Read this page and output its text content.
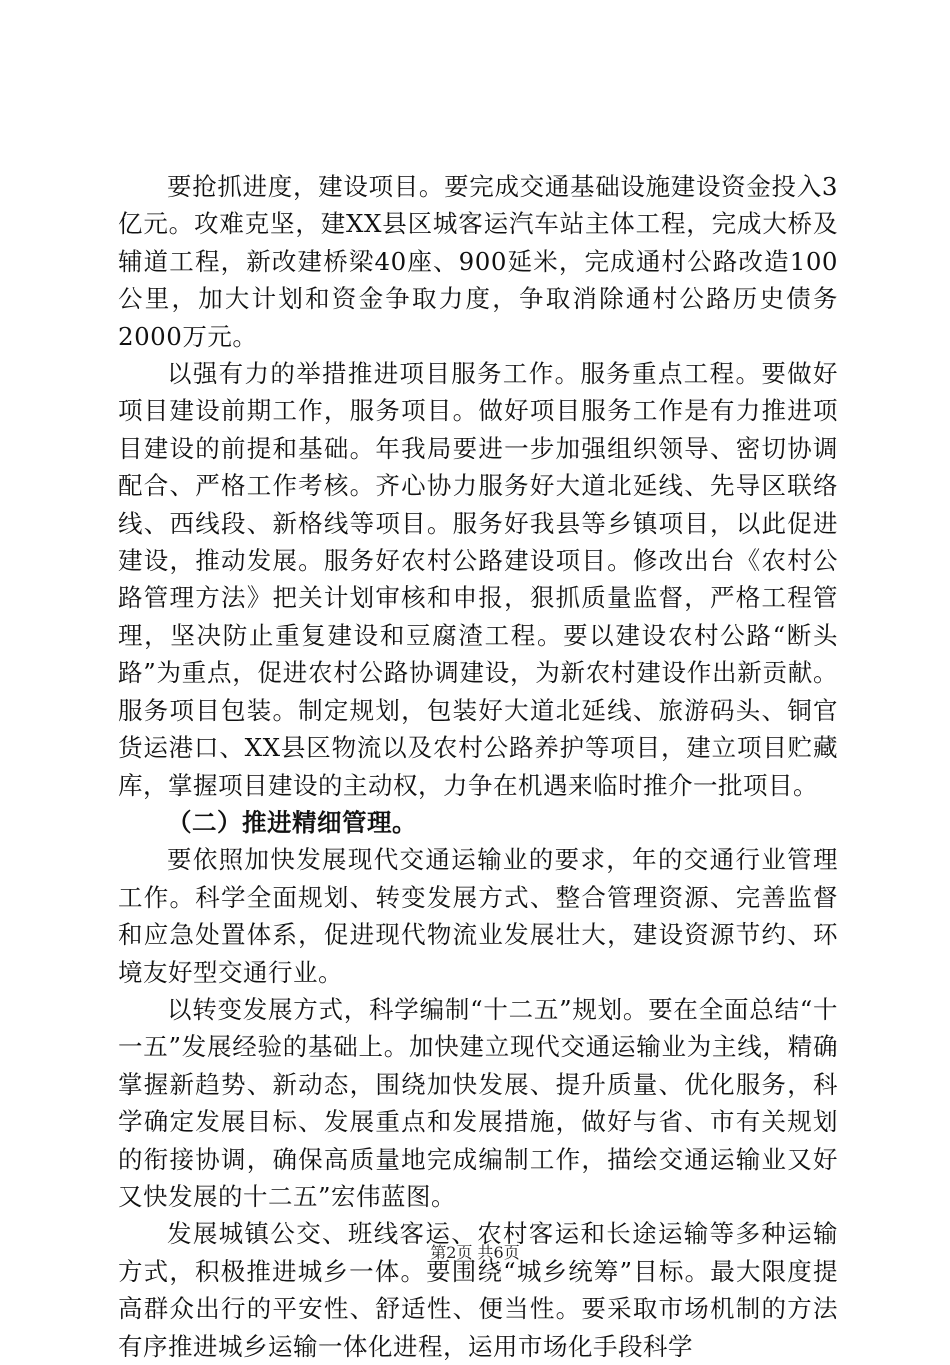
要抢抓进度，建设项目。要完成交通基础设施建设资金投入3亿元。攻难克坚，建XX县区城客运汽车站主体工程，完成大桥及辅道工程，新改建桥梁40座、900延米，完成通村公路改造100公里，加大计划和资金争取力度，争取消除通村公路历史债务2000万元。

以强有力的举措推进项目服务工作。服务重点工程。要做好项目建设前期工作，服务项目。做好项目服务工作是有力推进项目建设的前提和基础。年我局要进一步加强组织领导、密切协调配合、严格工作考核。齐心协力服务好大道北延线、先导区联络线、西线段、新格线等项目。服务好我县等乡镇项目，以此促进建设，推动发展。服务好农村公路建设项目。修改出台《农村公路管理方法》把关计划审核和申报，狠抓质量监督，严格工程管理，坚决防止重复建设和豆腐渣工程。要以建设农村公路“断头路”为重点，促进农村公路协调建设，为新农村建设作出新贡献。服务项目包装。制定规划，包装好大道北延线、旅游码头、铜官货运港口、XX县区物流以及农村公路养护等项目，建立项目贮藏库，掌握项目建设的主动权，力争在机遇来临时推介一批项目。

（二）推进精细管理。

要依照加快发展现代交通运输业的要求，年的交通行业管理工作。科学全面规划、转变发展方式、整合管理资源、完善监督和应急处置体系，促进现代物流业发展壮大，建设资源节约、环境友好型交通行业。

以转变发展方式，科学编制“十二五”规划。要在全面总结“十一五”发展经验的基础上。加快建立现代交通运输业为主线，精确掌握新趋势、新动态，围绕加快发展、提升质量、优化服务，科学确定发展目标、发展重点和发展措施，做好与省、市有关规划的衔接协调，确保高质量地完成编制工作，描绘交通运输业又好又快发展的十二五”宏伟蓝图。

发展城镇公交、班线客运、农村客运和长途运输等多种运输方式，积极推进城乡一体。要围绕“城乡统筹”目标。最大限度提高群众出行的平安性、舒适性、便当性。要采取市场机制的方法有序推进城乡运输一体化进程，运用市场化手段科学

第2页 共6页
